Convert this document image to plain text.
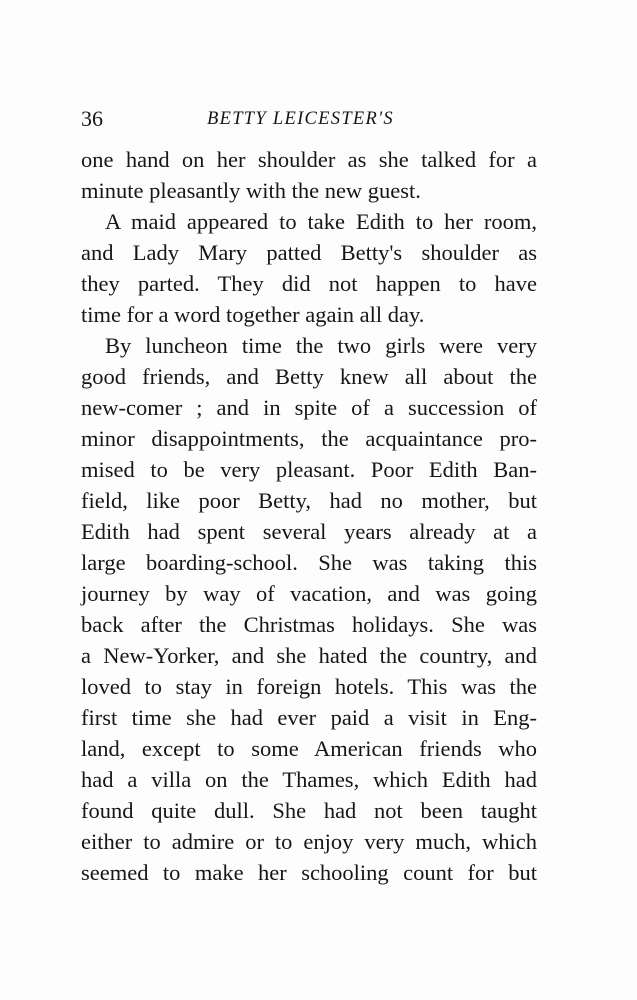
36	BETTY LEICESTER'S
one hand on her shoulder as she talked for a
minute pleasantly with the new guest.
A maid appeared to take Edith to her room,
and Lady Mary patted Betty's shoulder as
they parted. They did not happen to have
time for a word together again all day.
By luncheon time the two girls were very
good friends, and Betty knew all about the
new-comer ; and in spite of a succession of
minor disappointments, the acquaintance pro-
mised to be very pleasant. Poor Edith Ban-
field, like poor Betty, had no mother, but
Edith had spent several years already at a
large boarding-school. She was taking this
journey by way of vacation, and was going
back after the Christmas holidays. She was
a New-Yorker, and she hated the country, and
loved to stay in foreign hotels. This was the
first time she had ever paid a visit in Eng-
land, except to some American friends who
had a villa on the Thames, which Edith had
found quite dull. She had not been taught
either to admire or to enjoy very much, which
seemed to make her schooling count for but
